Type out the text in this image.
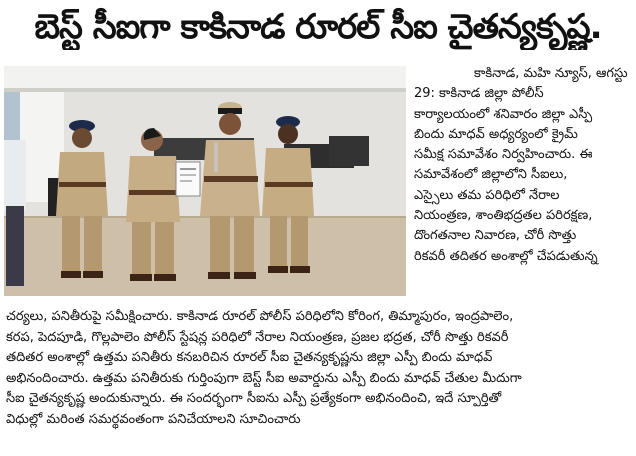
బెస్ట్ సీఐగా కాకినాడ రూరల్ సీఐ చైతన్యకృష్ణ.
కాకినాడ, మహి న్యూస్, ఆగస్టు
29: కాకినాడ జిల్లా పోలీస్
కార్యాలయంలో శనివారం జిల్లా ఎస్పీ
బిందు మాధవ్ అధ్యర్యంలో క్రైమ్
సమీక్ష సమావేశం నిర్వహించారు. ఈ
సమావేశంలో జిల్లాలోని సీఐలు,
ఎస్సైలు తమ పరిధిలో నేరాల
నియంత్రణ, శాంతిభద్రతల పరిరక్షణ,
దొంగతనాల నివారణ, చోరీ సొత్తు
రికవరీ తదితర అంశాల్లో చేపడుతున్న
చర్యలు, పనితీరుపై సమీక్షించారు. కాకినాడ రూరల్ పోలీస్ పరిధిలోని కోరింగ, తిమ్మాపురం, ఇంద్రపాలెం,
కరప, పెదపూడి, గొల్లపాలెం పోలీస్ స్టేషన్ల పరిధిలో నేరాల నియంత్రణ, ప్రజల భద్రత, చోరీ సొత్తు రికవరీ
తదితర అంశాల్లో ఉత్తమ పనితీరు కనబరిచిన రూరల్ సీఐ చైతన్యకృష్ణను జిల్లా ఎస్పీ బిందు మాధవ్
అభినందించారు. ఉత్తమ పనితీరుకు గుర్తింపుగా బెస్ట్ సీఐ అవార్డును ఎస్పీ బిందు మాధవ్ చేతుల మీదుగా
సీఐ చైతన్యకృష్ణ అందుకున్నారు. ఈ సందర్భంగా సీఐను ఎస్పీ ప్రత్యేకంగా అభినందించి, ఇదే స్పూర్తితో
విధుల్లో మరింత సమర్థవంతంగా పనిచేయాలని సూచించారు
